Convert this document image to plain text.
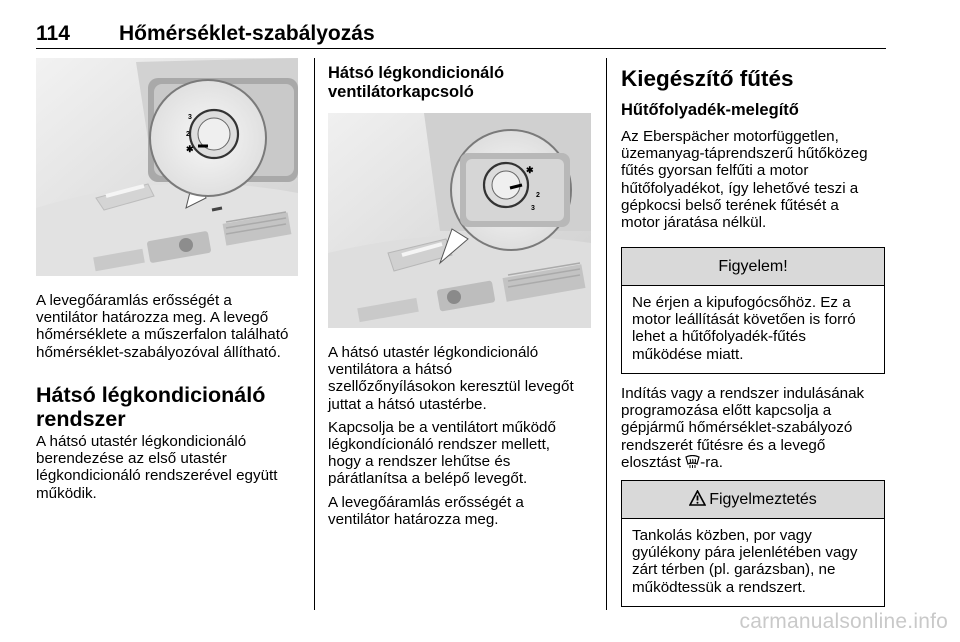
114 Hőmérséklet-szabályozás
2
3
✱

A levegőáramlás erősségét a
ventilátor határozza meg. A levegő
hőmérséklete a műszerfalon található
hőmérséklet-szabályozóval állítható.

Hátsó légkondicionáló
rendszer

A hátsó utastér légkondicionáló
berendezése az első utastér
légkondicionáló rendszerével együtt
működik.

Hátsó légkondicionáló
ventilátorkapcsoló

✱
2
3

A hátsó utastér légkondicionáló
ventilátora a hátsó
szellőzőnyílásokon keresztül levegőt
juttat a hátsó utastérbe.

Kapcsolja be a ventilátort működő
légkondícionáló rendszer mellett,
hogy a rendszer lehűtse és
párátlanítsa a belépő levegőt.

A levegőáramlás erősségét a
ventilátor határozza meg.

Kiegészítő fűtés

Hűtőfolyadék-melegítő

Az Eberspächer motorfüggetlen,
üzemanyag-táprendszerű hűtőközeg
fűtés gyorsan felfűti a motor
hűtőfolyadékot, így lehetővé teszi a
gépkocsi belső terének fűtését a
motor járatása nélkül.

Figyelem!
Ne érjen a kipufogócsőhöz. Ez a
motor leállítását követően is forró
lehet a hűtőfolyadék-fűtés
működése miatt.

Indítás vagy a rendszer indulásának
programozása előtt kapcsolja a
gépjármű hőmérséklet-szabályozó
rendszerét fűtésre és a levegő
elosztást -ra.

Figyelmeztetés
Tankolás közben, por vagy
gyúlékony pára jelenlétében vagy
zárt térben (pl. garázsban), ne
működtessük a rendszert.
carmanualsonline.info
